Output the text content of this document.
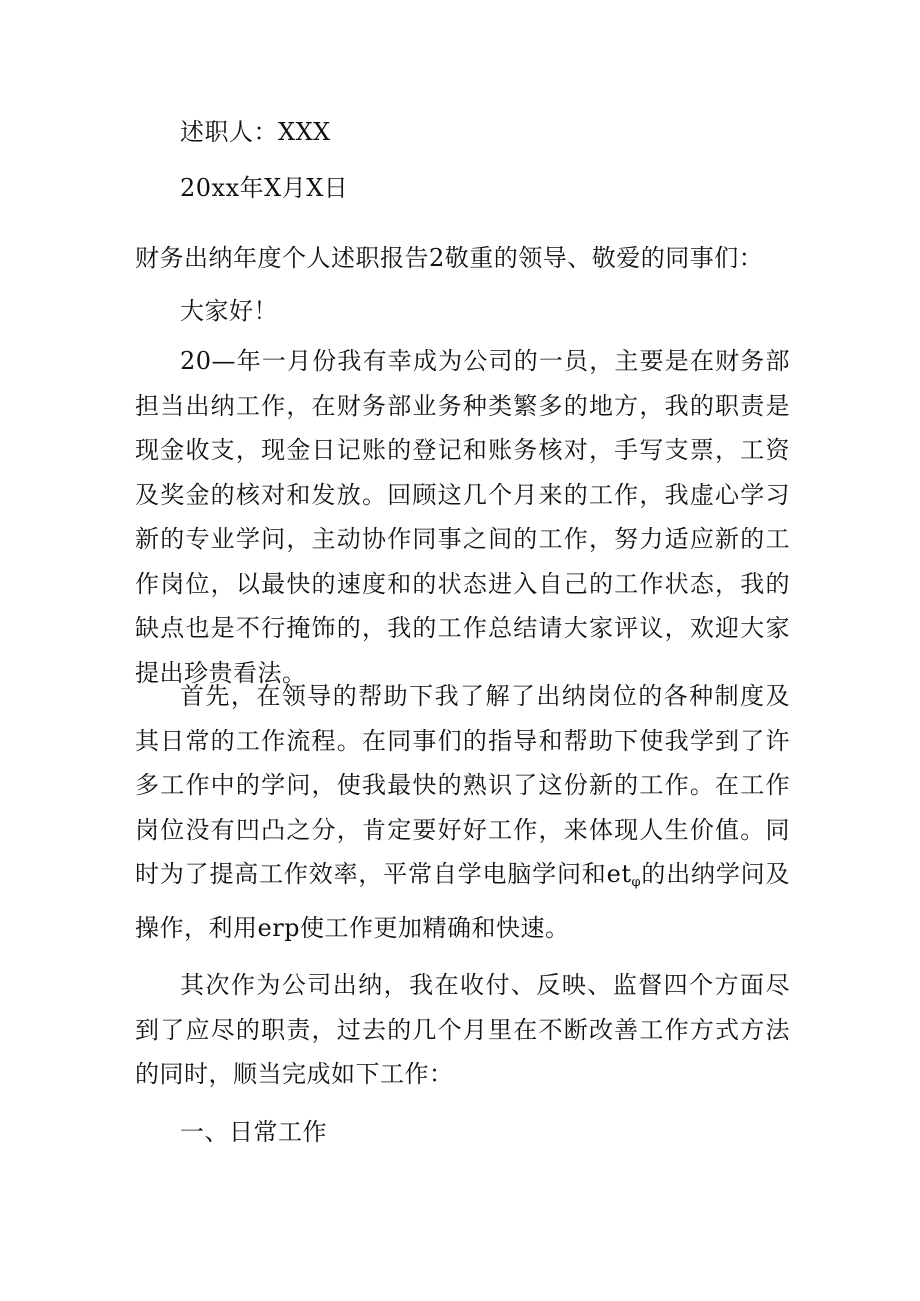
述职人：XXX
20xx年X月X日
财务出纳年度个人述职报告2敬重的领导、敬爱的同事们：
大家好！
20—年一月份我有幸成为公司的一员，主要是在财务部担当出纳工作，在财务部业务种类繁多的地方，我的职责是现金收支，现金日记账的登记和账务核对，手写支票，工资及奖金的核对和发放。回顾这几个月来的工作，我虚心学习新的专业学问，主动协作同事之间的工作，努力适应新的工作岗位，以最快的速度和的状态进入自己的工作状态，我的缺点也是不行掩饰的，我的工作总结请大家评议，欢迎大家提出珍贵看法。
首先，在领导的帮助下我了解了出纳岗位的各种制度及其日常的工作流程。在同事们的指导和帮助下使我学到了许多工作中的学问，使我最快的熟识了这份新的工作。在工作岗位没有凹凸之分，肯定要好好工作，来体现人生价值。同时为了提高工作效率，平常自学电脑学问和$et_\varphi$的出纳学问及操作，利用erp使工作更加精确和快速。
其次作为公司出纳，我在收付、反映、监督四个方面尽到了应尽的职责，过去的几个月里在不断改善工作方式方法的同时，顺当完成如下工作：
一、日常工作
